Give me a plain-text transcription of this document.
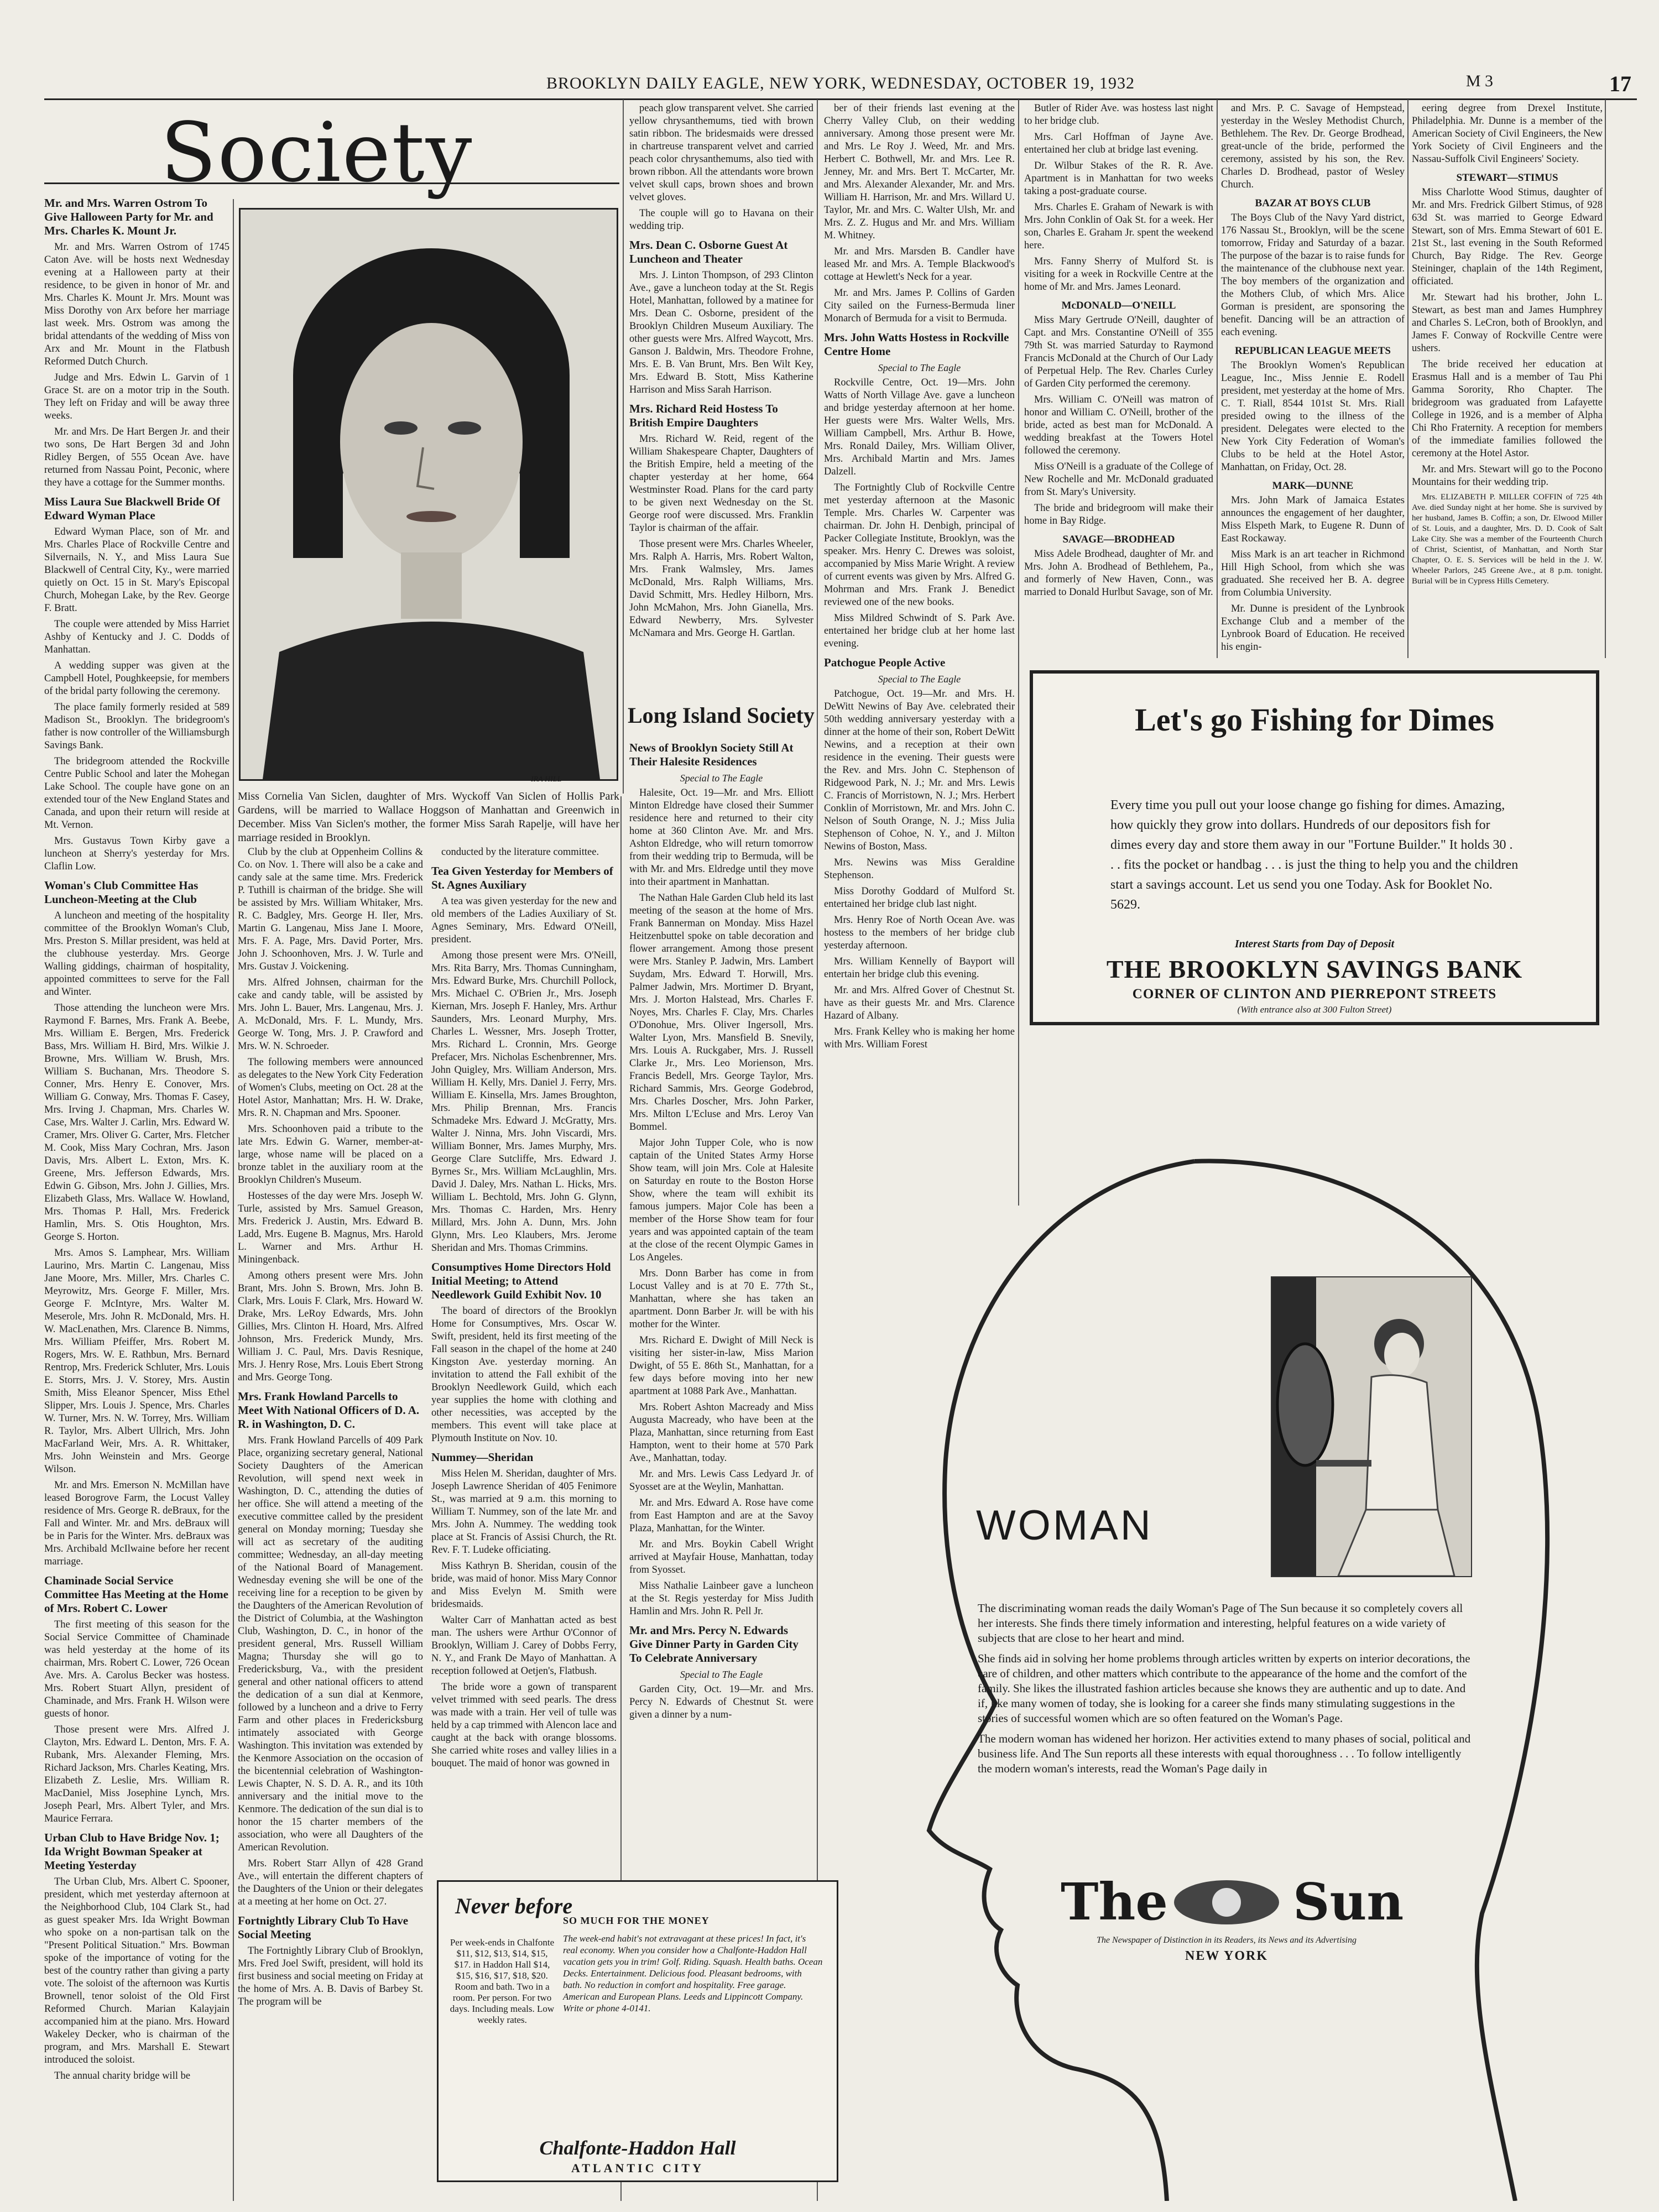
BROOKLYN DAILY EAGLE, NEW YORK, WEDNESDAY, OCTOBER 19, 1932	M 3	17
Society
IRA HILL
Miss Cornelia Van Siclen, daughter of Mrs. Wyckoff Van Siclen of Hollis Park Gardens, will be married to Wallace Hoggson of Manhattan and Greenwich in December. Miss Van Siclen's mother, the former Miss Sarah Rapelje, will have her marriage resided in Brooklyn.
Mr. and Mrs. Warren Ostrom To Give Halloween Party for Mr. and Mrs. Charles K. Mount Jr.

Mr. and Mrs. Warren Ostrom of 1745 Caton Ave. will be hosts next Wednesday evening at a Halloween party at their residence, to be given in honor of Mr. and Mrs. Charles K. Mount Jr. Mrs. Mount was Miss Dorothy von Arx before her marriage last week. Mrs. Ostrom was among the bridal attendants of the wedding of Miss von Arx and Mr. Mount in the Flatbush Reformed Dutch Church.

Judge and Mrs. Edwin L. Garvin of 1 Grace St. are on a motor trip in the South. They left on Friday and will be away three weeks.

Mr. and Mrs. De Hart Bergen Jr. and their two sons, De Hart Bergen 3d and John Ridley Bergen, of 555 Ocean Ave. have returned from Nassau Point, Peconic, where they have a cottage for the Summer months.

Miss Laura Sue Blackwell Bride Of Edward Wyman Place

Edward Wyman Place, son of Mr. and Mrs. Charles Place of Rockville Centre and Silvernails, N. Y., and Miss Laura Sue Blackwell of Central City, Ky., were married quietly on Oct. 15 in St. Mary's Episcopal Church, Mohegan Lake, by the Rev. George F. Bratt.

The couple were attended by Miss Harriet Ashby of Kentucky and J. C. Dodds of Manhattan.

A wedding supper was given at the Campbell Hotel, Poughkeepsie, for members of the bridal party following the ceremony.

The place family formerly resided at 589 Madison St., Brooklyn. The bridegroom's father is now controller of the Williamsburgh Savings Bank.

The bridegroom attended the Rockville Centre Public School and later the Mohegan Lake School. The couple have gone on an extended tour of the New England States and Canada, and upon their return will reside at Mt. Vernon.

Mrs. Gustavus Town Kirby gave a luncheon at Sherry's yesterday for Mrs. Claflin Low.

Woman's Club Committee Has Luncheon-Meeting at the Club

A luncheon and meeting of the hospitality committee of the Brooklyn Woman's Club, Mrs. Preston S. Millar president, was held at the clubhouse yesterday. Mrs. George Walling giddings, chairman of hospitality, appointed committees to serve for the Fall and Winter.

Those attending the luncheon were Mrs. Raymond F. Barnes, Mrs. Frank A. Beebe, Mrs. William E. Bergen, Mrs. Frederick Bass, Mrs. William H. Bird, Mrs. Wilkie J. Browne, Mrs. William W. Brush, Mrs. William S. Buchanan, Mrs. Theodore S. Conner, Mrs. Henry E. Conover, Mrs. William G. Conway, Mrs. Thomas F. Casey, Mrs. Irving J. Chapman, Mrs. Charles W. Case, Mrs. Walter J. Carlin, Mrs. Edward W. Cramer, Mrs. Oliver G. Carter, Mrs. Fletcher M. Cook, Miss Mary Cochran, Mrs. Jason Davis, Mrs. Albert L. Exton, Mrs. K. Greene, Mrs. Jefferson Edwards, Mrs. Edwin G. Gibson, Mrs. John J. Gillies, Mrs. Elizabeth Glass, Mrs. Wallace W. Howland, Mrs. Thomas P. Hall, Mrs. Frederick Hamlin, Mrs. S. Otis Houghton, Mrs. George S. Horton.

Mrs. Amos S. Lamphear, Mrs. William Laurino, Mrs. Martin C. Langenau, Miss Jane Moore, Mrs. Miller, Mrs. Charles C. Meyrowitz, Mrs. George F. Miller, Mrs. George F. McIntyre, Mrs. Walter M. Meserole, Mrs. John R. McDonald, Mrs. H. W. MacLenathen, Mrs. Clarence B. Nimms, Mrs. William Pfeiffer, Mrs. Robert M. Rogers, Mrs. W. E. Rathbun, Mrs. Bernard Rentrop, Mrs. Frederick Schluter, Mrs. Louis E. Storrs, Mrs. J. V. Storey, Mrs. Austin Smith, Miss Eleanor Spencer, Miss Ethel Slipper, Mrs. Louis J. Spence, Mrs. Charles W. Turner, Mrs. N. W. Torrey, Mrs. William R. Taylor, Mrs. Albert Ullrich, Mrs. John MacFarland Weir, Mrs. A. R. Whittaker, Mrs. John Weinstein and Mrs. George Wilson.

Mr. and Mrs. Emerson N. McMillan have leased Borogrove Farm, the Locust Valley residence of Mrs. George R. deBraux, for the Fall and Winter. Mr. and Mrs. deBraux will be in Paris for the Winter. Mrs. deBraux was Mrs. Archibald McIlwaine before her recent marriage.

Chaminade Social Service Committee Has Meeting at the Home of Mrs. Robert C. Lower

The first meeting of this season for the Social Service Committee of Chaminade was held yesterday at the home of its chairman, Mrs. Robert C. Lower, 726 Ocean Ave. Mrs. A. Carolus Becker was hostess. Mrs. Robert Stuart Allyn, president of Chaminade, and Mrs. Frank H. Wilson were guests of honor.

Those present were Mrs. Alfred J. Clayton, Mrs. Edward L. Denton, Mrs. F. A. Rubank, Mrs. Alexander Fleming, Mrs. Richard Jackson, Mrs. Charles Keating, Mrs. Elizabeth Z. Leslie, Mrs. William R. MacDaniel, Miss Josephine Lynch, Mrs. Joseph Pearl, Mrs. Albert Tyler, and Mrs. Maurice Ferrara.

Urban Club to Have Bridge Nov. 1; Ida Wright Bowman Speaker at Meeting Yesterday

The Urban Club, Mrs. Albert C. Spooner, president, which met yesterday afternoon at the Neighborhood Club, 104 Clark St., had as guest speaker Mrs. Ida Wright Bowman who spoke on a non-partisan talk on the "Present Political Situation." Mrs. Bowman spoke of the importance of voting for the best of the country rather than giving a party vote. The soloist of the afternoon was Kurtis Brownell, tenor soloist of the Old First Reformed Church. Marian Kalayjain accompanied him at the piano. Mrs. Howard Wakeley Decker, who is chairman of the program, and Mrs. Marshall E. Stewart introduced the soloist.

The annual charity bridge will be

Club by the club at Oppenheim Collins & Co. on Nov. 1. There will also be a cake and candy sale at the same time. Mrs. Frederick P. Tuthill is chairman of the bridge. She will be assisted by Mrs. William Whitaker, Mrs. R. C. Badgley, Mrs. George H. Iler, Mrs. Martin G. Langenau, Miss Jane I. Moore, Mrs. F. A. Page, Mrs. David Porter, Mrs. John J. Schoonhoven, Mrs. J. W. Turle and Mrs. Gustav J. Voickening.

Mrs. Alfred Johnsen, chairman for the cake and candy table, will be assisted by Mrs. John L. Bauer, Mrs. Langenau, Mrs. J. A. McDonald, Mrs. F. L. Mundy, Mrs. George W. Tong, Mrs. J. P. Crawford and Mrs. W. N. Schroeder.

The following members were announced as delegates to the New York City Federation of Women's Clubs, meeting on Oct. 28 at the Hotel Astor, Manhattan; Mrs. H. W. Drake, Mrs. R. N. Chapman and Mrs. Spooner.

Mrs. Schoonhoven paid a tribute to the late Mrs. Edwin G. Warner, member-at-large, whose name will be placed on a bronze tablet in the auxiliary room at the Brooklyn Children's Museum.

Hostesses of the day were Mrs. Joseph W. Turle, assisted by Mrs. Samuel Greason, Mrs. Frederick J. Austin, Mrs. Edward B. Ladd, Mrs. Eugene B. Magnus, Mrs. Harold L. Warner and Mrs. Arthur H. Miningenback.

Among others present were Mrs. John Brant, Mrs. John S. Brown, Mrs. John B. Clark, Mrs. Louis F. Clark, Mrs. Howard W. Drake, Mrs. LeRoy Edwards, Mrs. John Gillies, Mrs. Clinton H. Hoard, Mrs. Alfred Johnson, Mrs. Frederick Mundy, Mrs. William J. C. Paul, Mrs. Davis Resnique, Mrs. J. Henry Rose, Mrs. Louis Ebert Strong and Mrs. George Tong.

Mrs. Frank Howland Parcells to Meet With National Officers of D. A. R. in Washington, D. C.

Mrs. Frank Howland Parcells of 409 Park Place, organizing secretary general, National Society Daughters of the American Revolution, will spend next week in Washington, D. C., attending the duties of her office. She will attend a meeting of the executive committee called by the president general on Monday morning; Tuesday she will act as secretary of the auditing committee; Wednesday, an all-day meeting of the National Board of Management. Wednesday evening she will be one of the receiving line for a reception to be given by the Daughters of the American Revolution of the District of Columbia, at the Washington Club, Washington, D. C., in honor of the president general, Mrs. Russell William Magna; Thursday she will go to Fredericksburg, Va., with the president general and other national officers to attend the dedication of a sun dial at Kenmore, followed by a luncheon and a drive to Ferry Farm and other places in Fredericksburg intimately associated with George Washington. This invitation was extended by the Kenmore Association on the occasion of the bicentennial celebration of Washington-Lewis Chapter, N. S. D. A. R., and its 10th anniversary and the initial move to the Kenmore. The dedication of the sun dial is to honor the 15 charter members of the association, who were all Daughters of the American Revolution.

Mrs. Robert Starr Allyn of 428 Grand Ave., will entertain the different chapters of the Daughters of the Union or their delegates at a meeting at her home on Oct. 27.

Fortnightly Library Club To Have Social Meeting

The Fortnightly Library Club of Brooklyn, Mrs. Fred Joel Swift, president, will hold its first business and social meeting on Friday at the home of Mrs. A. B. Davis of Barbey St. The program will be

conducted by the literature committee.

Tea Given Yesterday for Members of St. Agnes Auxiliary

A tea was given yesterday for the new and old members of the Ladies Auxiliary of St. Agnes Seminary, Mrs. Edward O'Neill, president.

Among those present were Mrs. O'Neill, Mrs. Rita Barry, Mrs. Thomas Cunningham, Mrs. Edward Burke, Mrs. Churchill Pollock, Mrs. Michael C. O'Brien Jr., Mrs. Joseph Kiernan, Mrs. Joseph F. Hanley, Mrs. Arthur Saunders, Mrs. Leonard Murphy, Mrs. Charles L. Wessner, Mrs. Joseph Trotter, Mrs. Richard L. Cronnin, Mrs. George Prefacer, Mrs. Nicholas Eschenbrenner, Mrs. John Quigley, Mrs. William Anderson, Mrs. William H. Kelly, Mrs. Daniel J. Ferry, Mrs. William E. Kinsella, Mrs. James Broughton, Mrs. Philip Brennan, Mrs. Francis Schmadeke Mrs. Edward J. McGratty, Mrs. Walter J. Ninna, Mrs. John Viscardi, Mrs. William Bonner, Mrs. James Murphy, Mrs. George Clare Sutcliffe, Mrs. Edward J. Byrnes Sr., Mrs. William McLaughlin, Mrs. David J. Daley, Mrs. Nathan L. Hicks, Mrs. William L. Bechtold, Mrs. John G. Glynn, Mrs. Thomas C. Harden, Mrs. Henry Millard, Mrs. John A. Dunn, Mrs. John Glynn, Mrs. Leo Klaubers, Mrs. Jerome Sheridan and Mrs. Thomas Crimmins.

Consumptives Home Directors Hold Initial Meeting; to Attend Needlework Guild Exhibit Nov. 10

The board of directors of the Brooklyn Home for Consumptives, Mrs. Oscar W. Swift, president, held its first meeting of the Fall season in the chapel of the home at 240 Kingston Ave. yesterday morning. An invitation to attend the Fall exhibit of the Brooklyn Needlework Guild, which each year supplies the home with clothing and other necessities, was accepted by the members. This event will take place at Plymouth Institute on Nov. 10.

Nummey—Sheridan

Miss Helen M. Sheridan, daughter of Mrs. Joseph Lawrence Sheridan of 405 Fenimore St., was married at 9 a.m. this morning to William T. Nummey, son of the late Mr. and Mrs. John A. Nummey. The wedding took place at St. Francis of Assisi Church, the Rt. Rev. F. T. Ludeke officiating.

Miss Kathryn B. Sheridan, cousin of the bride, was maid of honor. Miss Mary Connor and Miss Evelyn M. Smith were bridesmaids.

Walter Carr of Manhattan acted as best man. The ushers were Arthur O'Connor of Brooklyn, William J. Carey of Dobbs Ferry, N. Y., and Frank De Mayo of Manhattan. A reception followed at Oetjen's, Flatbush.

The bride wore a gown of transparent velvet trimmed with seed pearls. The dress was made with a train. Her veil of tulle was held by a cap trimmed with Alencon lace and caught at the back with orange blossoms. She carried white roses and valley lilies in a bouquet. The maid of honor was gowned in

Never before
SO MUCH FOR THE MONEY
Per week-ends in Chalfonte $11, $12, $13, $14, $15, $17. in Haddon Hall $14, $15, $16, $17, $18, $20. Room and bath. Two in a room. Per person. For two days. Including meals. Low weekly rates.
The week-end habit's not extravagant at these prices! In fact, it's real economy. When you consider how a Chalfonte-Haddon Hall vacation gets you in trim! Golf. Riding. Squash. Health baths. Ocean Decks. Entertainment. Delicious food. Pleasant bedrooms, with bath. No reduction in comfort and hospitality. Free garage. American and European Plans. Leeds and Lippincott Company. Write or phone 4-0141.
Chalfonte-Haddon Hall
ATLANTIC CITY

peach glow transparent velvet. She carried yellow chrysanthemums, tied with brown satin ribbon. The bridesmaids were dressed in chartreuse transparent velvet and carried peach color chrysanthemums, also tied with brown ribbon. All the attendants wore brown velvet skull caps, brown shoes and brown velvet gloves.

The couple will go to Havana on their wedding trip.

Mrs. Dean C. Osborne Guest At Luncheon and Theater

Mrs. J. Linton Thompson, of 293 Clinton Ave., gave a luncheon today at the St. Regis Hotel, Manhattan, followed by a matinee for Mrs. Dean C. Osborne, president of the Brooklyn Children Museum Auxiliary. The other guests were Mrs. Alfred Waycott, Mrs. Ganson J. Baldwin, Mrs. Theodore Frohne, Mrs. E. B. Van Brunt, Mrs. Ben Wilt Key, Mrs. Edward B. Stott, Miss Katherine Harrison and Miss Sarah Harrison.

Mrs. Richard Reid Hostess To British Empire Daughters

Mrs. Richard W. Reid, regent of the William Shakespeare Chapter, Daughters of the British Empire, held a meeting of the chapter yesterday at her home, 664 Westminster Road. Plans for the card party to be given next Wednesday on the St. George roof were discussed. Mrs. Franklin Taylor is chairman of the affair.

Those present were Mrs. Charles Wheeler, Mrs. Ralph A. Harris, Mrs. Robert Walton, Mrs. Frank Walmsley, Mrs. James McDonald, Mrs. Ralph Williams, Mrs. David Schmitt, Mrs. Hedley Hilborn, Mrs. John McMahon, Mrs. John Gianella, Mrs. Edward Newberry, Mrs. Sylvester McNamara and Mrs. George H. Gartlan.

Long Island Society
News of Brooklyn Society Still At Their Halesite Residences
Special to The Eagle

Halesite, Oct. 19—Mr. and Mrs. Elliott Minton Eldredge have closed their Summer residence here and returned to their city home at 360 Clinton Ave. Mr. and Mrs. Ashton Eldredge, who will return tomorrow from their wedding trip to Bermuda, will be with Mr. and Mrs. Eldredge until they move into their apartment in Manhattan.

The Nathan Hale Garden Club held its last meeting of the season at the home of Mrs. Frank Bannerman on Monday. Miss Hazel Heitzenbuttel spoke on table decoration and flower arrangement. Among those present were Mrs. Stanley P. Jadwin, Mrs. Lambert Suydam, Mrs. Edward T. Horwill, Mrs. Palmer Jadwin, Mrs. Mortimer D. Bryant, Mrs. J. Morton Halstead, Mrs. Charles F. Noyes, Mrs. Charles F. Clay, Mrs. Charles O'Donohue, Mrs. Oliver Ingersoll, Mrs. Walter Lyon, Mrs. Mansfield B. Snevily, Mrs. Louis A. Ruckgaber, Mrs. J. Russell Clarke Jr., Mrs. Leo Morienson, Mrs. Francis Bedell, Mrs. George Taylor, Mrs. Richard Sammis, Mrs. George Godebrod, Mrs. Charles Doscher, Mrs. John Parker, Mrs. Milton L'Ecluse and Mrs. Leroy Van Bommel.

Major John Tupper Cole, who is now captain of the United States Army Horse Show team, will join Mrs. Cole at Halesite on Saturday en route to the Boston Horse Show, where the team will exhibit its famous jumpers. Major Cole has been a member of the Horse Show team for four years and was appointed captain of the team at the close of the recent Olympic Games in Los Angeles.

Mrs. Donn Barber has come in from Locust Valley and is at 70 E. 77th St., Manhattan, where she has taken an apartment. Donn Barber Jr. will be with his mother for the Winter.

Mrs. Richard E. Dwight of Mill Neck is visiting her sister-in-law, Miss Marion Dwight, of 55 E. 86th St., Manhattan, for a few days before moving into her new apartment at 1088 Park Ave., Manhattan.

Mrs. Robert Ashton Macready and Miss Augusta Macready, who have been at the Plaza, Manhattan, since returning from East Hampton, went to their home at 570 Park Ave., Manhattan, today.

Mr. and Mrs. Lewis Cass Ledyard Jr. of Syosset are at the Weylin, Manhattan.

Mr. and Mrs. Edward A. Rose have come from East Hampton and are at the Savoy Plaza, Manhattan, for the Winter.

Mr. and Mrs. Boykin Cabell Wright arrived at Mayfair House, Manhattan, today from Syosset.

Miss Nathalie Lainbeer gave a luncheon at the St. Regis yesterday for Miss Judith Hamlin and Mrs. John R. Pell Jr.

Mr. and Mrs. Percy N. Edwards Give Dinner Party in Garden City To Celebrate Anniversary
Special to The Eagle

Garden City, Oct. 19—Mr. and Mrs. Percy N. Edwards of Chestnut St. were given a dinner by a num-

ber of their friends last evening at the Cherry Valley Club, on their wedding anniversary. Among those present were Mr. and Mrs. Le Roy J. Weed, Mr. and Mrs. Herbert C. Bothwell, Mr. and Mrs. Lee R. Jenney, Mr. and Mrs. Bert T. McCarter, Mr. and Mrs. Alexander Alexander, Mr. and Mrs. William H. Harrison, Mr. and Mrs. Willard U. Taylor, Mr. and Mrs. C. Walter Ulsh, Mr. and Mrs. Z. Z. Hugus and Mr. and Mrs. William M. Whitney.

Mr. and Mrs. Marsden B. Candler have leased Mr. and Mrs. A. Temple Blackwood's cottage at Hewlett's Neck for a year.

Mr. and Mrs. James P. Collins of Garden City sailed on the Furness-Bermuda liner Monarch of Bermuda for a visit to Bermuda.

Mrs. John Watts Hostess in Rockville Centre Home
Special to The Eagle

Rockville Centre, Oct. 19—Mrs. John Watts of North Village Ave. gave a luncheon and bridge yesterday afternoon at her home. Her guests were Mrs. Walter Wells, Mrs. William Campbell, Mrs. Arthur B. Howe, Mrs. Ronald Dailey, Mrs. William Oliver, Mrs. Archibald Martin and Mrs. James Dalzell.

The Fortnightly Club of Rockville Centre met yesterday afternoon at the Masonic Temple. Mrs. Charles W. Carpenter was chairman. Dr. John H. Denbigh, principal of Packer Collegiate Institute, Brooklyn, was the speaker. Mrs. Henry C. Drewes was soloist, accompanied by Miss Marie Wright. A review of current events was given by Mrs. Alfred G. Mohrman and Mrs. Frank J. Benedict reviewed one of the new books.

Miss Mildred Schwindt of S. Park Ave. entertained her bridge club at her home last evening.

Patchogue People Active
Special to The Eagle

Patchogue, Oct. 19—Mr. and Mrs. H. DeWitt Newins of Bay Ave. celebrated their 50th wedding anniversary yesterday with a dinner at the home of their son, Robert DeWitt Newins, and a reception at their own residence in the evening. Their guests were the Rev. and Mrs. John C. Stephenson of Ridgewood Park, N. J.; Mr. and Mrs. Lewis C. Francis of Morristown, N. J.; Mrs. Herbert Conklin of Morristown, Mr. and Mrs. John C. Nelson of South Orange, N. J.; Miss Julia Stephenson of Cohoe, N. Y., and J. Milton Newins of Boston, Mass.

Mrs. Newins was Miss Geraldine Stephenson.

Miss Dorothy Goddard of Mulford St. entertained her bridge club last night.

Mrs. Henry Roe of North Ocean Ave. was hostess to the members of her bridge club yesterday afternoon.

Mrs. William Kennelly of Bayport will entertain her bridge club this evening.

Mr. and Mrs. Alfred Gover of Chestnut St. have as their guests Mr. and Mrs. Clarence Hazard of Albany.

Mrs. Frank Kelley who is making her home with Mrs. William Forest

Butler of Rider Ave. was hostess last night to her bridge club.

Mrs. Carl Hoffman of Jayne Ave. entertained her club at bridge last evening.

Dr. Wilbur Stakes of the R. R. Ave. Apartment is in Manhattan for two weeks taking a post-graduate course.

Mrs. Charles E. Graham of Newark is with Mrs. John Conklin of Oak St. for a week. Her son, Charles E. Graham Jr. spent the weekend here.

Mrs. Fanny Sherry of Mulford St. is visiting for a week in Rockville Centre at the home of Mr. and Mrs. James Leonard.

McDONALD—O'NEILL

Miss Mary Gertrude O'Neill, daughter of Capt. and Mrs. Constantine O'Neill of 355 79th St. was married Saturday to Raymond Francis McDonald at the Church of Our Lady of Perpetual Help. The Rev. Charles Curley of Garden City performed the ceremony.

Mrs. William C. O'Neill was matron of honor and William C. O'Neill, brother of the bride, acted as best man for McDonald. A wedding breakfast at the Towers Hotel followed the ceremony.

Miss O'Neill is a graduate of the College of New Rochelle and Mr. McDonald graduated from St. Mary's University.

The bride and bridegroom will make their home in Bay Ridge.

SAVAGE—BRODHEAD

Miss Adele Brodhead, daughter of Mr. and Mrs. John A. Brodhead of Bethlehem, Pa., and formerly of New Haven, Conn., was married to Donald Hurlbut Savage, son of Mr.

and Mrs. P. C. Savage of Hempstead, yesterday in the Wesley Methodist Church, Bethlehem. The Rev. Dr. George Brodhead, great-uncle of the bride, performed the ceremony, assisted by his son, the Rev. Charles D. Brodhead, pastor of Wesley Church.

BAZAR AT BOYS CLUB

The Boys Club of the Navy Yard district, 176 Nassau St., Brooklyn, will be the scene tomorrow, Friday and Saturday of a bazar. The purpose of the bazar is to raise funds for the maintenance of the clubhouse next year. The boy members of the organization and the Mothers Club, of which Mrs. Alice Gorman is president, are sponsoring the benefit. Dancing will be an attraction of each evening.

REPUBLICAN LEAGUE MEETS

The Brooklyn Women's Republican League, Inc., Miss Jennie E. Rodell president, met yesterday at the home of Mrs. C. T. Riall, 8544 101st St. Mrs. Riall presided owing to the illness of the president. Delegates were elected to the New York City Federation of Woman's Clubs to be held at the Hotel Astor, Manhattan, on Friday, Oct. 28.

MARK—DUNNE

Mrs. John Mark of Jamaica Estates announces the engagement of her daughter, Miss Elspeth Mark, to Eugene R. Dunn of East Rockaway.

Miss Mark is an art teacher in Richmond Hill High School, from which she was graduated. She received her B. A. degree from Columbia University.

Mr. Dunne is president of the Lynbrook Exchange Club and a member of the Lynbrook Board of Education. He received his engin-

eering degree from Drexel Institute, Philadelphia. Mr. Dunne is a member of the American Society of Civil Engineers, the New York Society of Civil Engineers and the Nassau-Suffolk Civil Engineers' Society.

STEWART—STIMUS

Miss Charlotte Wood Stimus, daughter of Mr. and Mrs. Fredrick Gilbert Stimus, of 928 63d St. was married to George Edward Stewart, son of Mrs. Emma Stewart of 601 E. 21st St., last evening in the South Reformed Church, Bay Ridge. The Rev. George Steininger, chaplain of the 14th Regiment, officiated.

Mr. Stewart had his brother, John L. Stewart, as best man and James Humphrey and Charles S. LeCron, both of Brooklyn, and James F. Conway of Rockville Centre were ushers.

The bride received her education at Erasmus Hall and is a member of Tau Phi Gamma Sorority, Rho Chapter. The bridegroom was graduated from Lafayette College in 1926, and is a member of Alpha Chi Rho Fraternity. A reception for members of the immediate families followed the ceremony at the Hotel Astor.

Mr. and Mrs. Stewart will go to the Pocono Mountains for their wedding trip.

Mrs. ELIZABETH P. MILLER COFFIN of 725 4th Ave. died Sunday night at her home. She is survived by her husband, James B. Coffin; a son, Dr. Elwood Miller of St. Louis, and a daughter, Mrs. D. D. Cook of Salt Lake City. She was a member of the Fourteenth Church of Christ, Scientist, of Manhattan, and North Star Chapter, O. E. S. Services will be held in the J. W. Wheeler Parlors, 245 Greene Ave., at 8 p.m. tonight. Burial will be in Cypress Hills Cemetery.

Let's go Fishing for Dimes
Every time you pull out your loose change go fishing for dimes. Amazing, how quickly they grow into dollars. Hundreds of our depositors fish for dimes every day and store them away in our "Fortune Builder." It holds 30 . . . fits the pocket or handbag . . . is just the thing to help you and the children start a savings account. Let us send you one Today. Ask for Booklet No. 5629.
Interest Starts from Day of Deposit
THE BROOKLYN SAVINGS BANK
CORNER OF CLINTON AND PIERREPONT STREETS
(With entrance also at 300 Fulton Street)
WOMAN

The discriminating woman reads the daily Woman's Page of The Sun because it so completely covers all her interests. She finds there timely information and interesting, helpful features on a wide variety of subjects that are close to her heart and mind.

She finds aid in solving her home problems through articles written by experts on interior decorations, the care of children, and other matters which contribute to the appearance of the home and the comfort of the family. She likes the illustrated fashion articles because she knows they are authentic and up to date. And if, like many women of today, she is looking for a career she finds many stimulating suggestions in the stories of successful women which are so often featured on the Woman's Page.

The modern woman has widened her horizon. Her activities extend to many phases of social, political and business life. And The Sun reports all these interests with equal thoroughness . . . To follow intelligently the modern woman's interests, read the Woman's Page daily in

The Sun
The Newspaper of Distinction in its Readers, its News and its Advertising
NEW YORK
